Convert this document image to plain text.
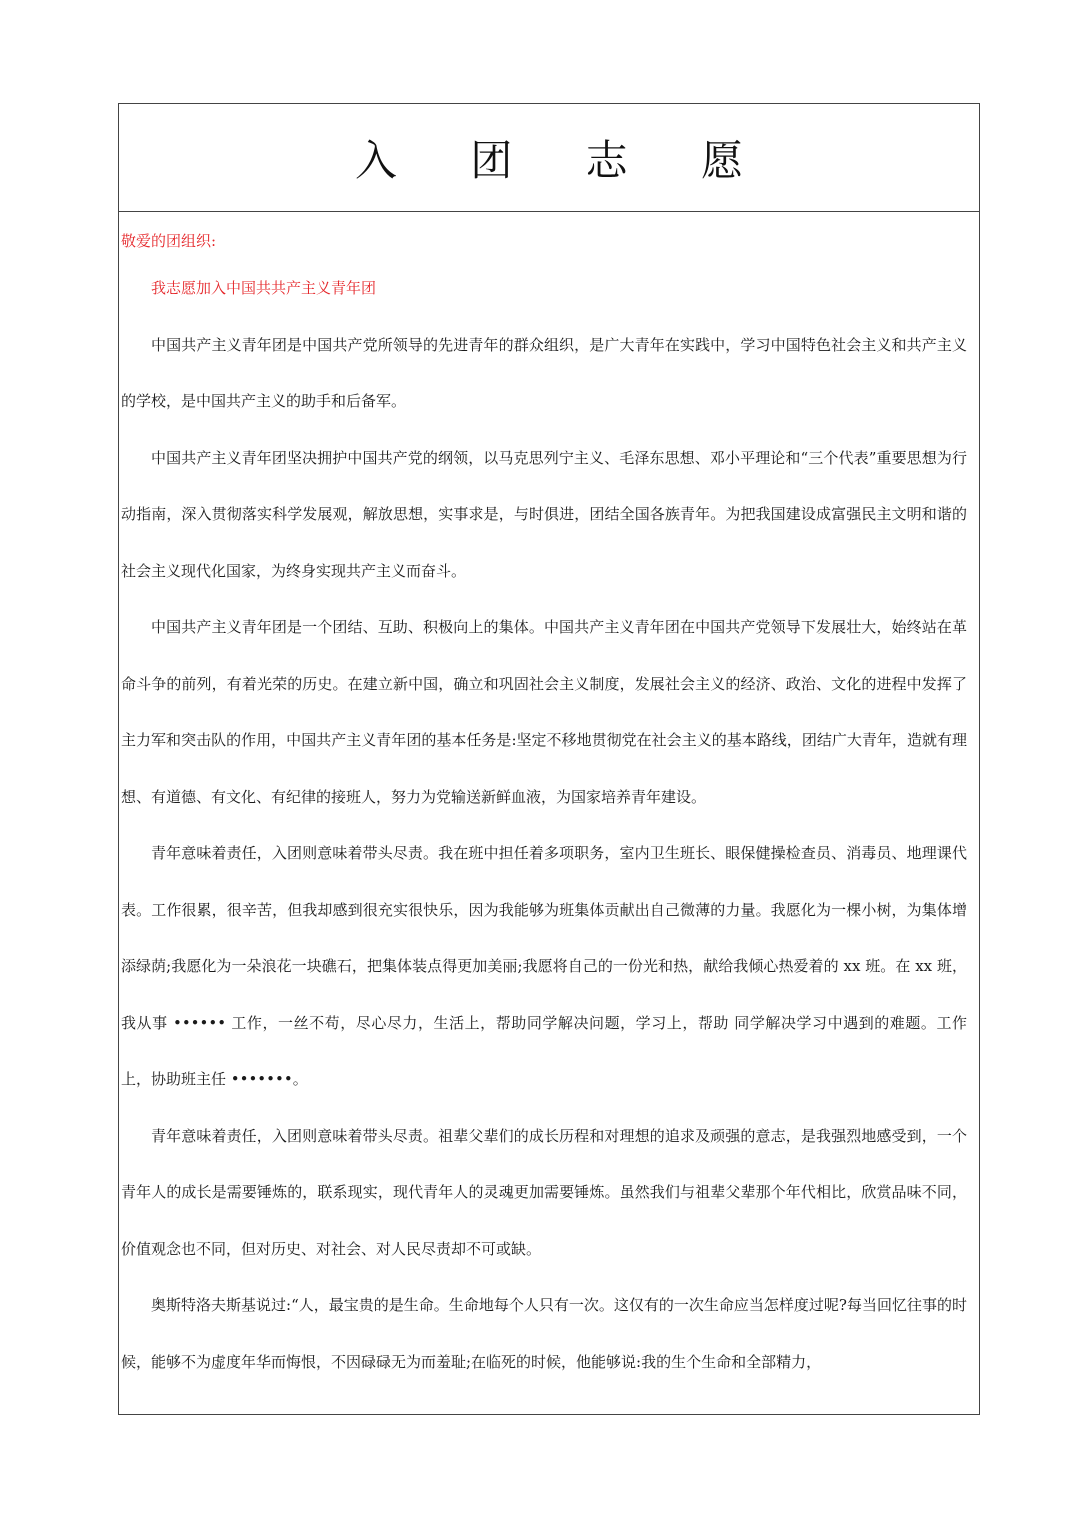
入 团 志 愿

敬爱的团组织:

我志愿加入中国共共产主义青年团

中国共产主义青年团是中国共产党所领导的先进青年的群众组织，是广大青年在实践中，学习中国特色社会主义和共产主义的学校，是中国共产主义的助手和后备军。

中国共产主义青年团坚决拥护中国共产党的纲领，以马克思列宁主义、毛泽东思想、邓小平理论和“三个代表”重要思想为行动指南，深入贯彻落实科学发展观，解放思想，实事求是，与时俱进，团结全国各族青年。为把我国建设成富强民主文明和谐的社会主义现代化国家，为终身实现共产主义而奋斗。

中国共产主义青年团是一个团结、互助、积极向上的集体。中国共产主义青年团在中国共产党领导下发展壮大，始终站在革命斗争的前列，有着光荣的历史。在建立新中国，确立和巩固社会主义制度，发展社会主义的经济、政治、文化的进程中发挥了主力军和突击队的作用，中国共产主义青年团的基本任务是:坚定不移地贯彻党在社会主义的基本路线，团结广大青年，造就有理想、有道德、有文化、有纪律的接班人，努力为党输送新鲜血液，为国家培养青年建设。

青年意味着责任，入团则意味着带头尽责。我在班中担任着多项职务，室内卫生班长、眼保健操检查员、消毒员、地理课代表。工作很累，很辛苦，但我却感到很充实很快乐，因为我能够为班集体贡献出自己微薄的力量。我愿化为一棵小树，为集体增添绿荫;我愿化为一朵浪花一块礁石，把集体装点得更加美丽;我愿将自己的一份光和热，献给我倾心热爱着的 xx 班。在 xx 班，我从事 •••••• 工作，一丝不苟，尽心尽力，生活上，帮助同学解决问题，学习上，帮助 同学解决学习中遇到的难题。工作上，协助班主任 •••••••。

青年意味着责任，入团则意味着带头尽责。祖辈父辈们的成长历程和对理想的追求及顽强的意志，是我强烈地感受到，一个青年人的成长是需要锤炼的，联系现实，现代青年人的灵魂更加需要锤炼。虽然我们与祖辈父辈那个年代相比，欣赏品味不同，价值观念也不同，但对历史、对社会、对人民尽责却不可或缺。

奥斯特洛夫斯基说过:“人，最宝贵的是生命。生命地每个人只有一次。这仅有的一次生命应当怎样度过呢?每当回忆往事的时候，能够不为虚度年华而悔恨，不因碌碌无为而羞耻;在临死的时候，他能够说:我的生个生命和全部精力，
